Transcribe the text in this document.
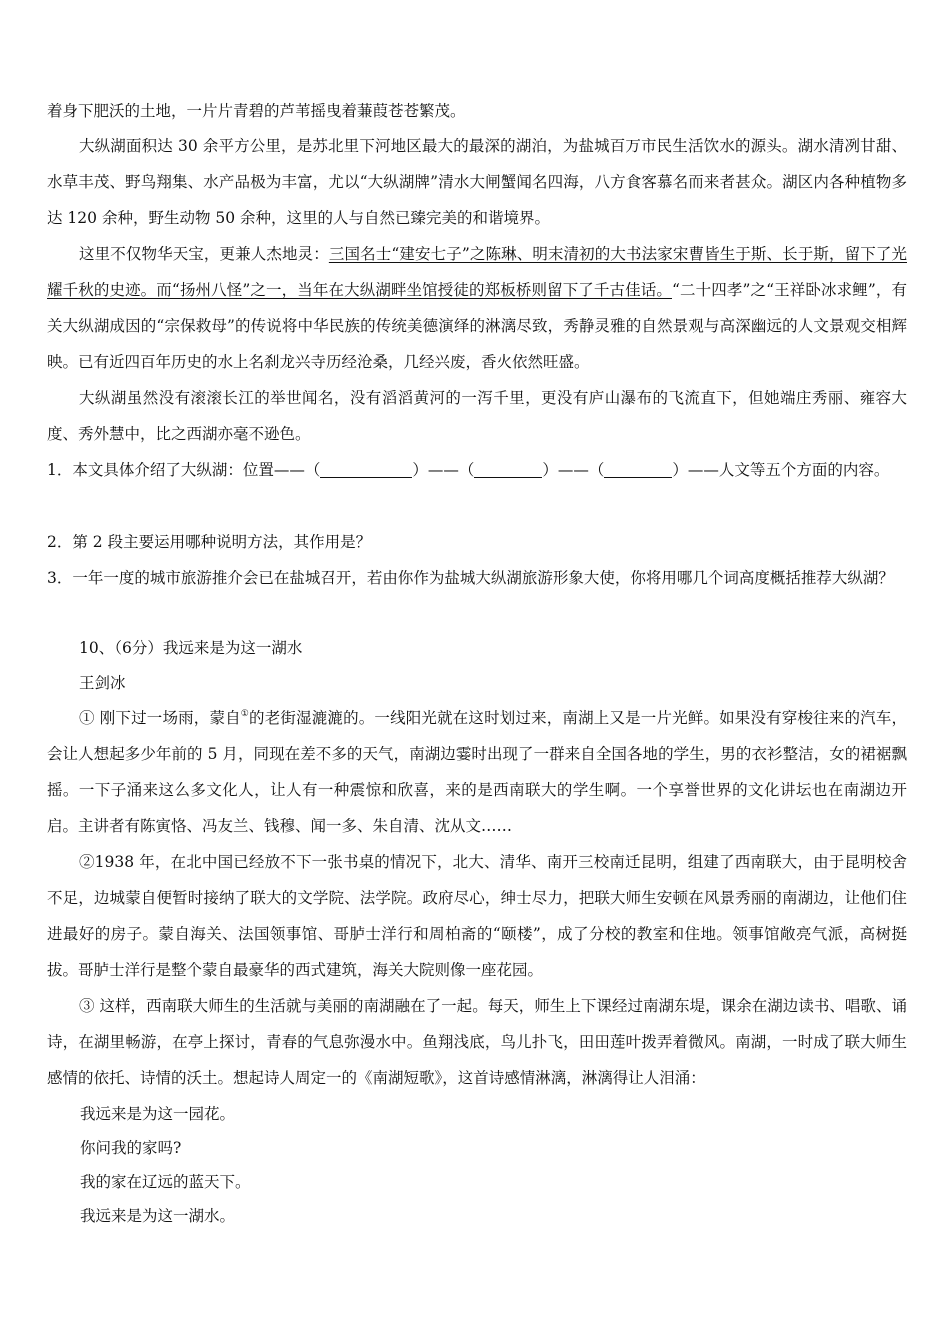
着身下肥沃的土地，一片片青碧的芦苇摇曳着蒹葭苍苍繁茂。
大纵湖面积达 30 余平方公里，是苏北里下河地区最大的最深的湖泊，为盐城百万市民生活饮水的源头。湖水清冽甘甜、水草丰茂、野鸟翔集、水产品极为丰富，尤以“大纵湖牌”清水大闸蟹闻名四海，八方食客慕名而来者甚众。湖区内各种植物多达 120 余种，野生动物 50 余种，这里的人与自然已臻完美的和谐境界。
这里不仅物华天宝，更兼人杰地灵：三国名士“建安七子”之陈琳、明末清初的大书法家宋曹皆生于斯、长于斯，留下了光耀千秋的史迹。而“扬州八怪”之一，当年在大纵湖畔坐馆授徒的郑板桥则留下了千古佳话。“二十四孝”之“王祥卧冰求鲤”，有关大纵湖成因的“宗保救母”的传说将中华民族的传统美德演绎的淋漓尽致，秀静灵雅的自然景观与高深幽远的人文景观交相辉映。已有近四百年历史的水上名刹龙兴寺历经沧桑，几经兴废，香火依然旺盛。
大纵湖虽然没有滚滚长江的举世闻名，没有滔滔黄河的一泻千里，更没有庐山瀑布的飞流直下，但她端庄秀丽、雍容大度、秀外慧中，比之西湖亦毫不逊色。
1．本文具体介绍了大纵湖：位置——（	）——（	）——（	）——人文等五个方面的内容。
2．第 2 段主要运用哪种说明方法，其作用是？
3．一年一度的城市旅游推介会已在盐城召开，若由你作为盐城大纵湖旅游形象大使，你将用哪几个词高度概括推荐大纵湖？
10、（6分）我远来是为这一湖水
王剑冰
① 刚下过一场雨，蒙自①的老街湿漉漉的。一线阳光就在这时划过来，南湖上又是一片光鲜。如果没有穿梭往来的汽车，会让人想起多少年前的 5 月，同现在差不多的天气，南湖边霎时出现了一群来自全国各地的学生，男的衣衫整洁，女的裙裾飘摇。一下子涌来这么多文化人，让人有一种震惊和欣喜，来的是西南联大的学生啊。一个享誉世界的文化讲坛也在南湖边开启。主讲者有陈寅恪、冯友兰、钱穆、闻一多、朱自清、沈从文……
②1938 年，在北中国已经放不下一张书桌的情况下，北大、清华、南开三校南迁昆明，组建了西南联大，由于昆明校舍不足，边城蒙自便暂时接纳了联大的文学院、法学院。政府尽心，绅士尽力，把联大师生安顿在风景秀丽的南湖边，让他们住进最好的房子。蒙自海关、法国领事馆、哥胪士洋行和周柏斋的“颐楼”，成了分校的教室和住地。领事馆敞亮气派，高树挺拔。哥胪士洋行是整个蒙自最豪华的西式建筑，海关大院则像一座花园。
③ 这样，西南联大师生的生活就与美丽的南湖融在了一起。每天，师生上下课经过南湖东堤，课余在湖边读书、唱歌、诵诗，在湖里畅游，在亭上探讨，青春的气息弥漫水中。鱼翔浅底，鸟儿扑飞，田田莲叶拨弄着微风。南湖，一时成了联大师生感情的依托、诗情的沃土。想起诗人周定一的《南湖短歌》，这首诗感情淋漓，淋漓得让人泪涌：
我远来是为这一园花。
你问我的家吗?
我的家在辽远的蓝天下。
我远来是为这一湖水。
